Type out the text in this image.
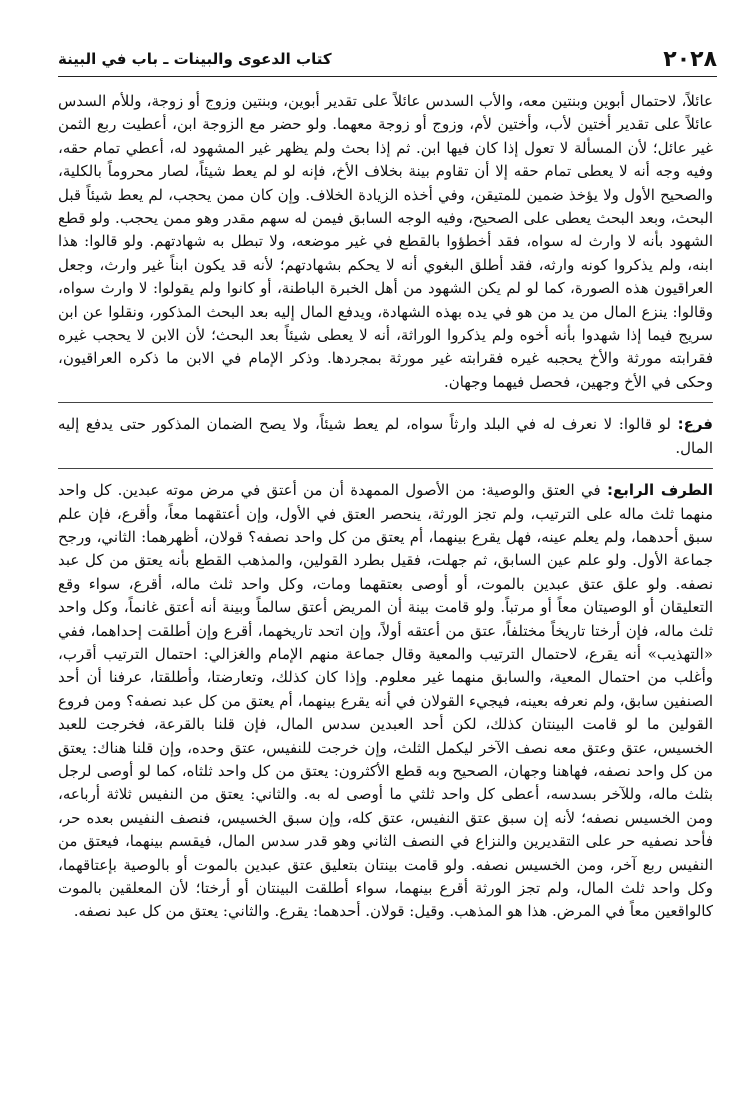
٢٠٢٨
كتاب الدعوى والبينات ـ باب في البينة

عائلاً، لاحتمال أبوين وبنتين معه، والأب السدس عائلاً على تقدير أبوين، وبنتين وزوج أو زوجة، وللأم السدس عائلاً على تقدير أختين لأب، وأختين لأم، وزوج أو زوجة معهما. ولو حضر مع الزوجة ابن، أعطيت ربع الثمن غير عائل؛ لأن المسألة لا تعول إذا كان فيها ابن. ثم إذا بحث ولم يظهر غير المشهود له، أعطي تمام حقه، وفيه وجه أنه لا يعطى تمام حقه إلا أن تقاوم بينة بخلاف الأخ، فإنه لو لم يعط شيئاً، لصار محروماً بالكلية، والصحيح الأول ولا يؤخذ ضمين للمتيقن، وفي أخذه الزيادة الخلاف. وإن كان ممن يحجب، لم يعط شيئاً قبل البحث، وبعد البحث يعطى على الصحيح، وفيه الوجه السابق فيمن له سهم مقدر وهو ممن يحجب. ولو قطع الشهود بأنه لا وارث له سواه، فقد أخطؤوا بالقطع في غير موضعه، ولا تبطل به شهادتهم. ولو قالوا: هذا ابنه، ولم يذكروا كونه وارثه، فقد أطلق البغوي أنه لا يحكم بشهادتهم؛ لأنه قد يكون ابناً غير وارث، وجعل العراقيون هذه الصورة، كما لو لم يكن الشهود من أهل الخبرة الباطنة، أو كانوا ولم يقولوا: لا وارث سواه، وقالوا: ينزع المال من يد من هو في يده بهذه الشهادة، ويدفع المال إليه بعد البحث المذكور، ونقلوا عن ابن سريج فيما إذا شهدوا بأنه أخوه ولم يذكروا الوراثة، أنه لا يعطى شيئاً بعد البحث؛ لأن الابن لا يحجب غيره فقرابته مورثة والأخ يحجبه غيره فقرابته غير مورثة بمجردها. وذكر الإمام في الابن ما ذكره العراقيون، وحكى في الأخ وجهين، فحصل فيهما وجهان.

فرع: لو قالوا: لا نعرف له في البلد وارثاً سواه، لم يعط شيئاً، ولا يصح الضمان المذكور حتى يدفع إليه المال.

الطرف الرابع: في العتق والوصية: من الأصول الممهدة أن من أعتق في مرض موته عبدين. كل واحد منهما ثلث ماله على الترتيب، ولم تجز الورثة، ينحصر العتق في الأول، وإن أعتقهما معاً، وأقرع، فإن علم سبق أحدهما، ولم يعلم عينه، فهل يقرع بينهما، أم يعتق من كل واحد نصفه؟ قولان، أظهرهما: الثاني، ورجح جماعة الأول. ولو علم عين السابق، ثم جهلت، فقيل بطرد القولين، والمذهب القطع بأنه يعتق من كل عبد نصفه. ولو علق عتق عبدين بالموت، أو أوصى بعتقهما ومات، وكل واحد ثلث ماله، أقرع، سواء وقع التعليقان أو الوصيتان معاً أو مرتباً. ولو قامت بينة أن المريض أعتق سالماً وبينة أنه أعتق غانماً، وكل واحد ثلث ماله، فإن أرختا تاريخاً مختلفاً، عتق من أعتقه أولاً، وإن اتحد تاريخهما، أقرع وإن أطلقت إحداهما، ففي «التهذيب» أنه يقرع، لاحتمال الترتيب والمعية وقال جماعة منهم الإمام والغزالي: احتمال الترتيب أقرب، وأغلب من احتمال المعية، والسابق منهما غير معلوم. وإذا كان كذلك، وتعارضتا، وأطلقتا، عرفنا أن أحد الصنفين سابق، ولم نعرفه بعينه، فيجيء القولان في أنه يقرع بينهما، أم يعتق من كل عبد نصفه؟ ومن فروع القولين ما لو قامت البينتان كذلك، لكن أحد العبدين سدس المال، فإن قلنا بالقرعة، فخرجت للعبد الخسيس، عتق وعتق معه نصف الآخر ليكمل الثلث، وإن خرجت للنفيس، عتق وحده، وإن قلنا هناك: يعتق من كل واحد نصفه، فهاهنا وجهان، الصحيح وبه قطع الأكثرون: يعتق من كل واحد ثلثاه، كما لو أوصى لرجل بثلث ماله، وللآخر بسدسه، أعطى كل واحد ثلثي ما أوصى له به. والثاني: يعتق من النفيس ثلاثة أرباعه، ومن الخسيس نصفه؛ لأنه إن سبق عتق النفيس، عتق كله، وإن سبق الخسيس، فنصف النفيس بعده حر، فأحد نصفيه حر على التقديرين والنزاع في النصف الثاني وهو قدر سدس المال، فيقسم بينهما، فيعتق من النفيس ربع آخر، ومن الخسيس نصفه. ولو قامت بينتان بتعليق عتق عبدين بالموت أو بالوصية بإعتاقهما، وكل واحد ثلث المال، ولم تجز الورثة أقرع بينهما، سواء أطلقت البينتان أو أرختا؛ لأن المعلقين بالموت كالواقعين معاً في المرض. هذا هو المذهب. وقيل: قولان. أحدهما: يقرع. والثاني: يعتق من كل عبد نصفه.
